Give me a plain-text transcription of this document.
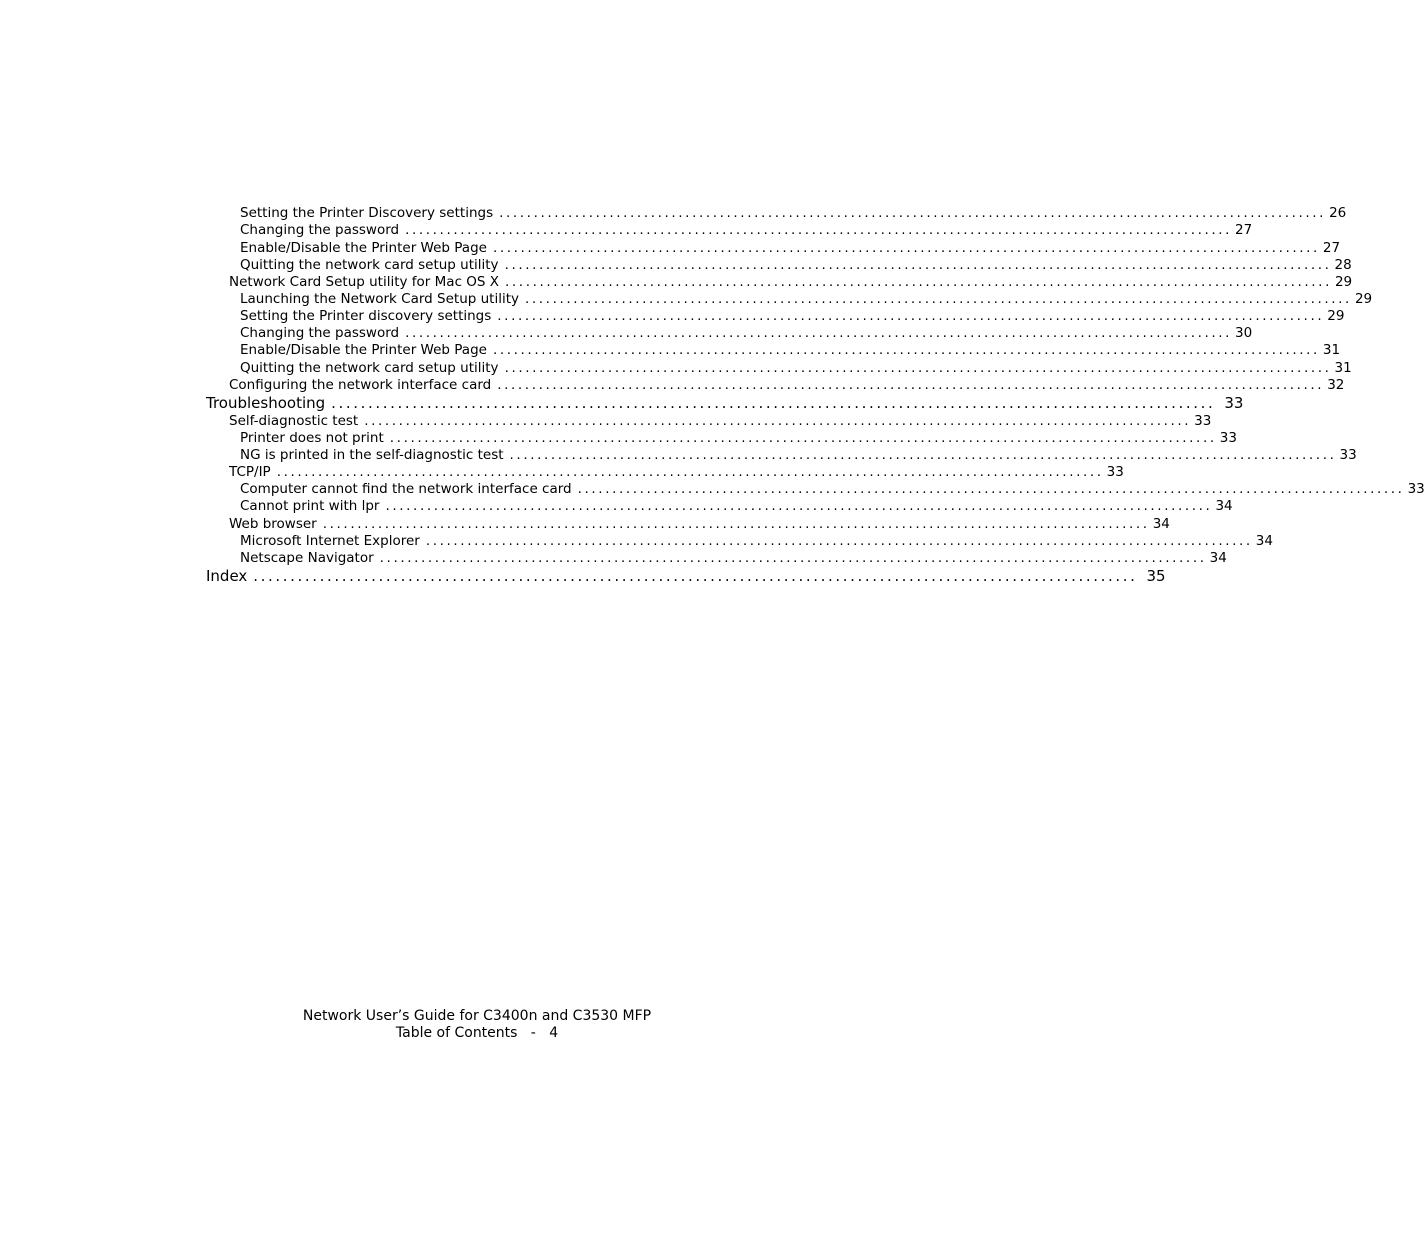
Setting the Printer Discovery settings ........................................................................................................................ 26
Changing the password ........................................................................................................................ 27
Enable/Disable the Printer Web Page ........................................................................................................................ 27
Quitting the network card setup utility ........................................................................................................................ 28
Network Card Setup utility for Mac OS X ........................................................................................................................ 29
Launching the Network Card Setup utility ........................................................................................................................ 29
Setting the Printer discovery settings ........................................................................................................................ 29
Changing the password ........................................................................................................................ 30
Enable/Disable the Printer Web Page ........................................................................................................................ 31
Quitting the network card setup utility ........................................................................................................................ 31
Configuring the network interface card ........................................................................................................................ 32
Troubleshooting ........................................................................................................................ 33
Self-diagnostic test ........................................................................................................................ 33
Printer does not print ........................................................................................................................ 33
NG is printed in the self-diagnostic test ........................................................................................................................ 33
TCP/IP ........................................................................................................................ 33
Computer cannot find the network interface card ........................................................................................................................ 33
Cannot print with lpr ........................................................................................................................ 34
Web browser ........................................................................................................................ 34
Microsoft Internet Explorer ........................................................................................................................ 34
Netscape Navigator ........................................................................................................................ 34
Index ........................................................................................................................ 35
Network User’s Guide for C3400n and C3530 MFP
Table of Contents   -   4
